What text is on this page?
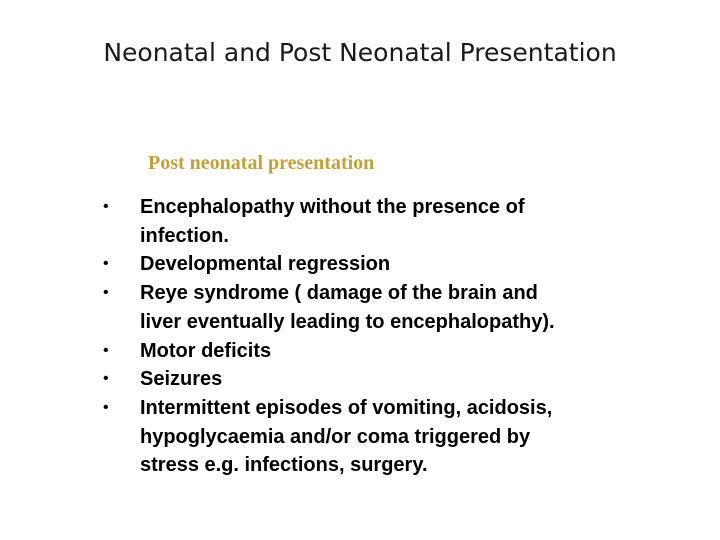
Neonatal and Post Neonatal Presentation
Post neonatal presentation
• Encephalopathy without the presence of
infection.
• Developmental regression
• Reye syndrome ( damage of the brain and
liver eventually leading to encephalopathy).
• Motor deficits
• Seizures
• Intermittent episodes of vomiting, acidosis,
hypoglycaemia and/or coma triggered by
stress e.g. infections, surgery.
